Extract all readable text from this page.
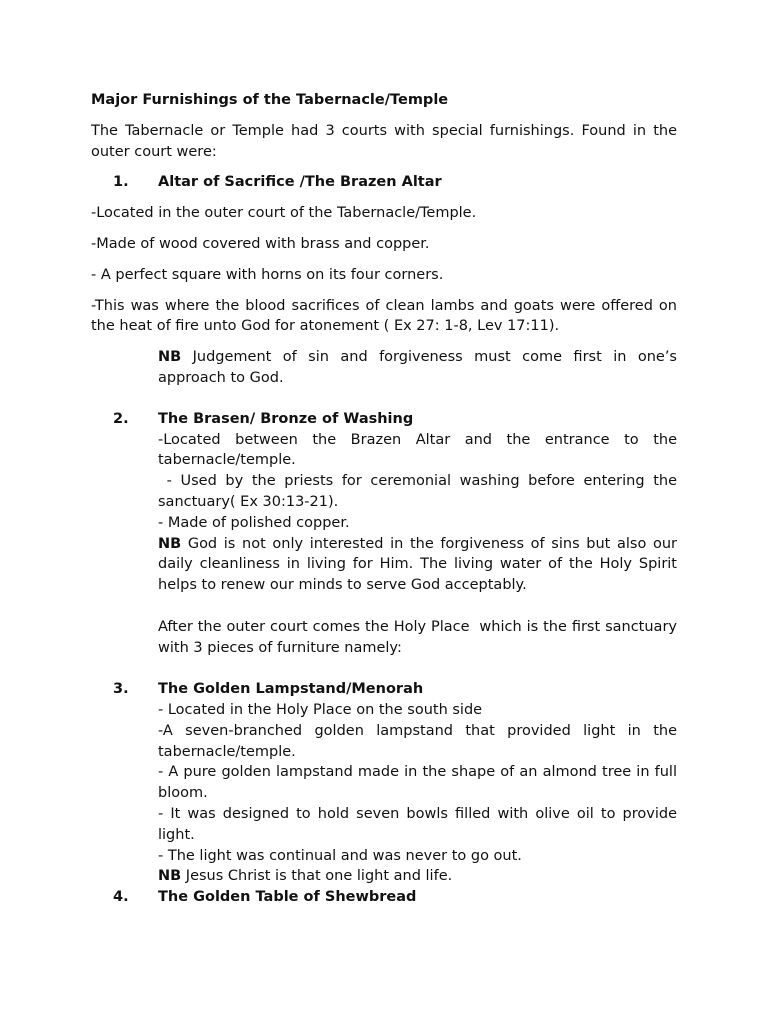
Major Furnishings of the Tabernacle/Temple

The Tabernacle or Temple had 3 courts with special furnishings. Found in the outer court were:

1.	Altar of Sacrifice /The Brazen Altar

-Located in the outer court of the Tabernacle/Temple.

-Made of wood covered with brass and copper.

- A perfect square with horns on its four corners.

-This was where the blood sacrifices of clean lambs and goats were offered on the heat of fire unto God for atonement ( Ex 27: 1-8, Lev 17:11).

NB Judgement of sin and forgiveness must come first in one’s approach to God.

2.	The Brasen/ Bronze of Washing

-Located between the Brazen Altar and the entrance to the tabernacle/temple.

- Used by the priests for ceremonial washing before entering the sanctuary( Ex 30:13-21).

- Made of polished copper.

NB God is not only interested in the forgiveness of sins but also our daily cleanliness in living for Him. The living water of the Holy Spirit helps to renew our minds to serve God acceptably.

After the outer court comes the Holy Place  which is the first sanctuary with 3 pieces of furniture namely:

3.	The Golden Lampstand/Menorah

- Located in the Holy Place on the south side

-A seven-branched golden lampstand that provided light in the tabernacle/temple.

- A pure golden lampstand made in the shape of an almond tree in full bloom.

- It was designed to hold seven bowls filled with olive oil to provide light.

- The light was continual and was never to go out.

NB Jesus Christ is that one light and life.

4.	The Golden Table of Shewbread
